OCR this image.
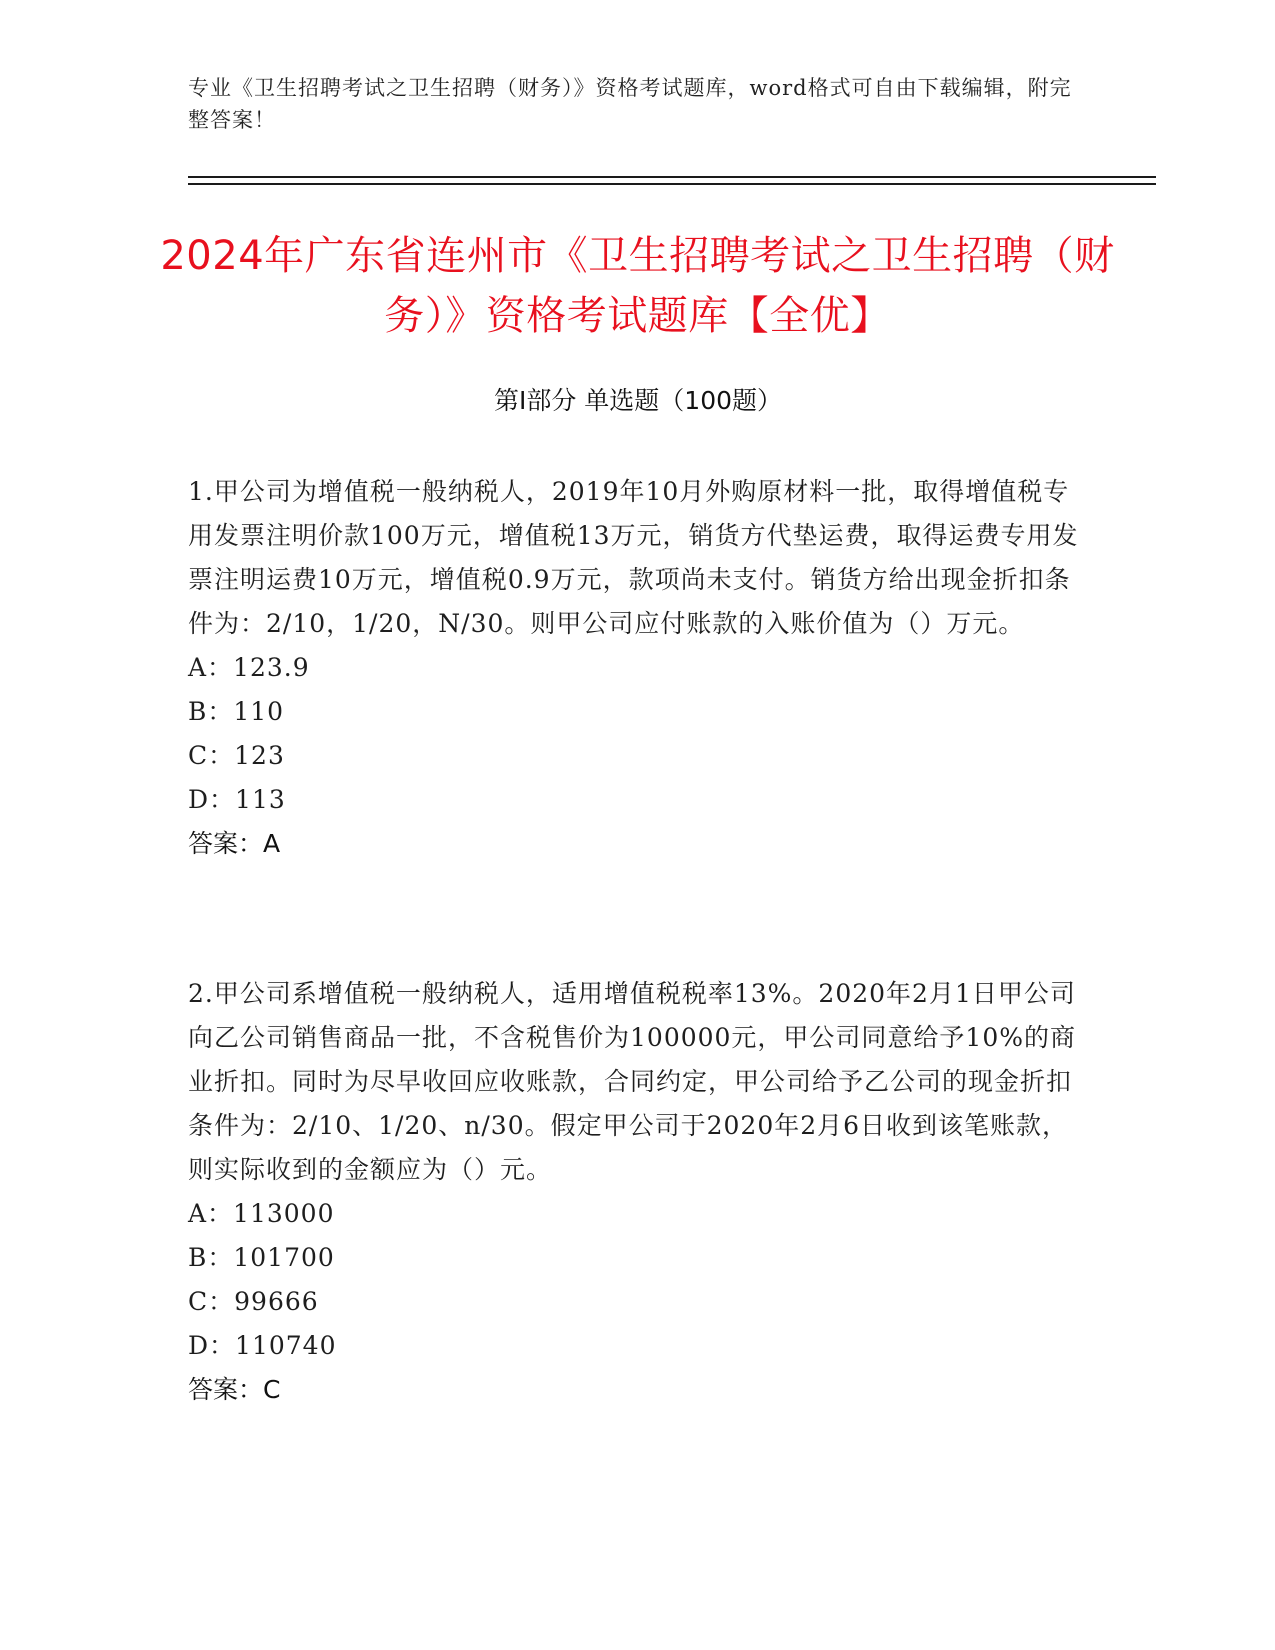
专业《卫生招聘考试之卫生招聘（财务）》资格考试题库，word格式可自由下载编辑，附完整答案！
2024年广东省连州市《卫生招聘考试之卫生招聘（财务）》资格考试题库【全优】
第I部分 单选题（100题）

1.甲公司为增值税一般纳税人，2019年10月外购原材料一批，取得增值税专用发票注明价款100万元，增值税13万元，销货方代垫运费，取得运费专用发票注明运费10万元，增值税0.9万元，款项尚未支付。销货方给出现金折扣条件为：2/10，1/20，N/30。则甲公司应付账款的入账价值为（）万元。

A：123.9

B：110

C：123

D：113

答案：A

2.甲公司系增值税一般纳税人，适用增值税税率13%。2020年2月1日甲公司向乙公司销售商品一批，不含税售价为100000元，甲公司同意给予10%的商业折扣。同时为尽早收回应收账款，合同约定，甲公司给予乙公司的现金折扣条件为：2/10、1/20、n/30。假定甲公司于2020年2月6日收到该笔账款，则实际收到的金额应为（）元。

A：113000

B：101700

C：99666

D：110740

答案：C
